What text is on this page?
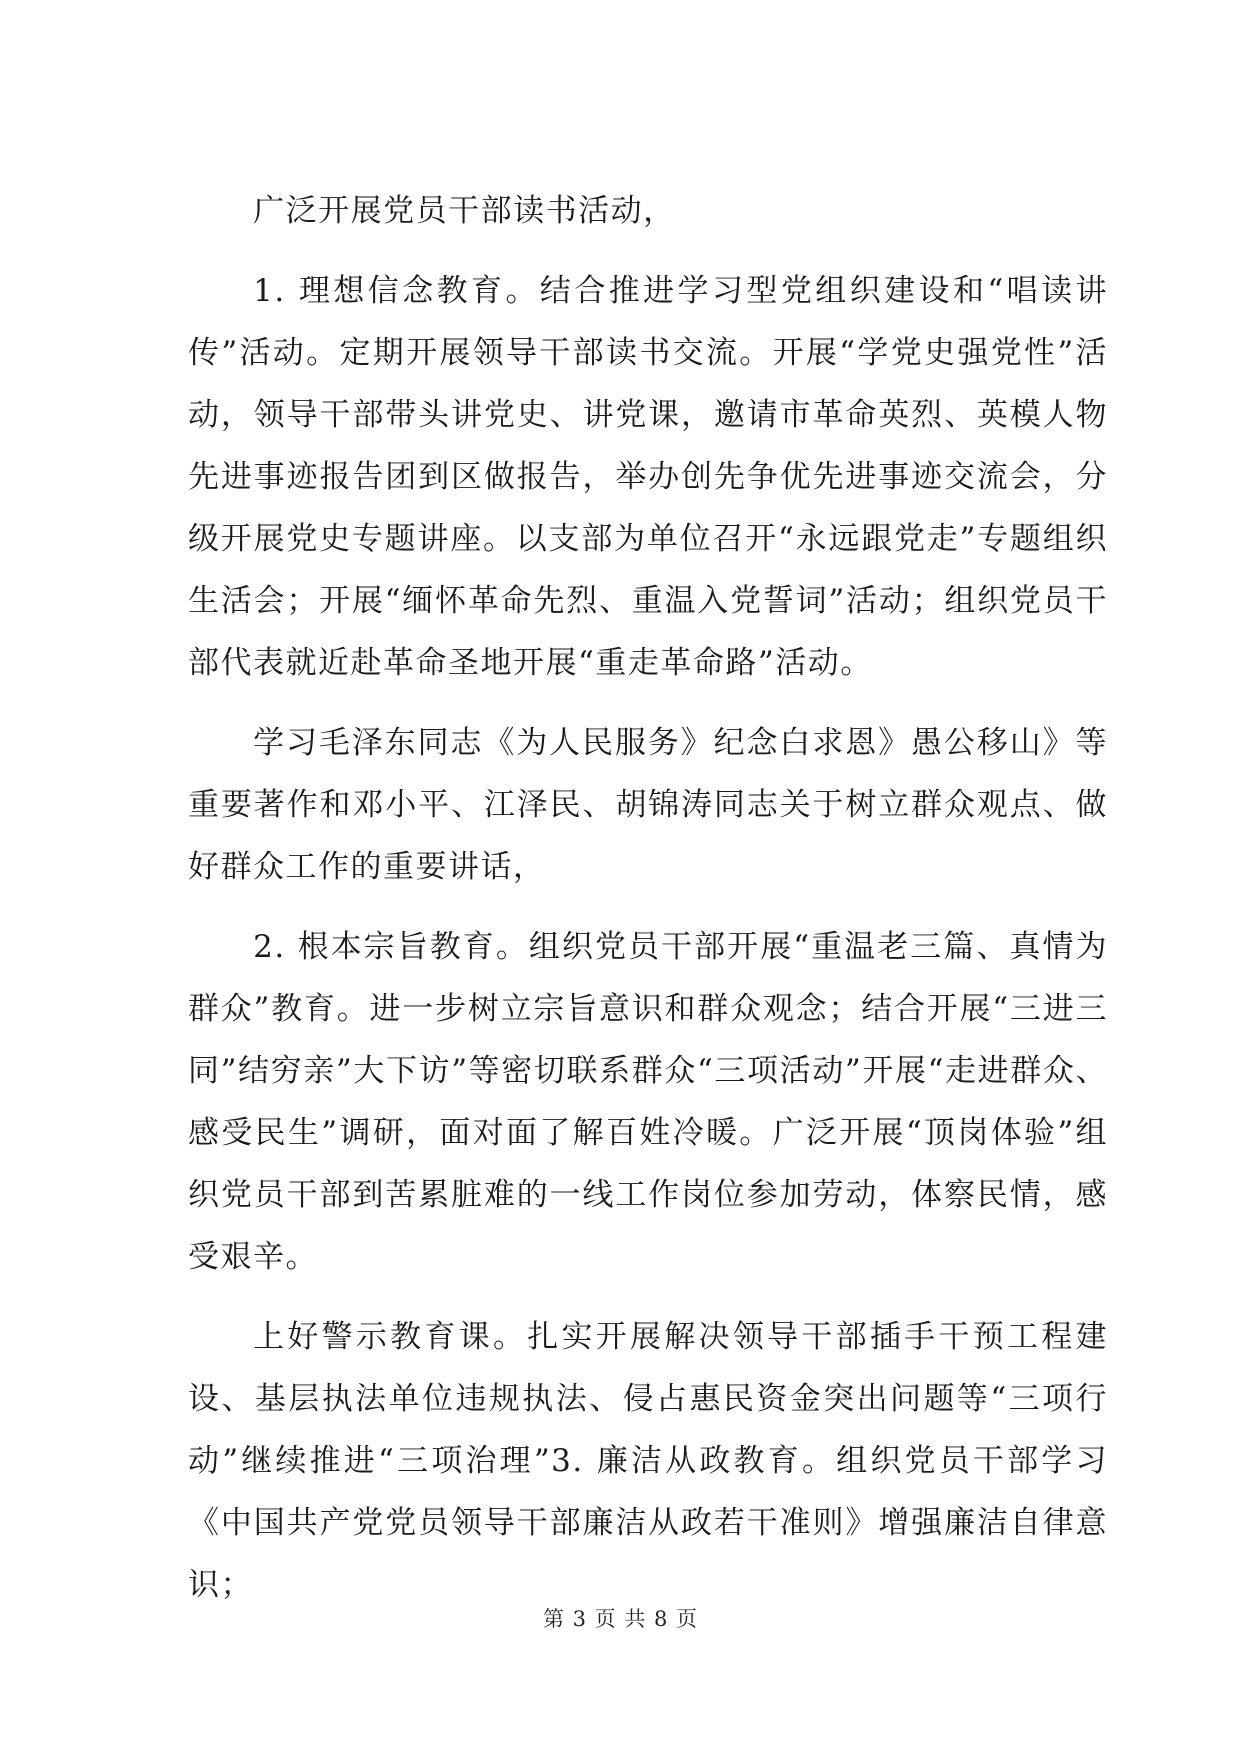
广泛开展党员干部读书活动，

1. 理想信念教育。结合推进学习型党组织建设和“唱读讲传”活动。定期开展领导干部读书交流。开展“学党史强党性”活动，领导干部带头讲党史、讲党课，邀请市革命英烈、英模人物先进事迹报告团到区做报告，举办创先争优先进事迹交流会，分级开展党史专题讲座。以支部为单位召开“永远跟党走”专题组织生活会；开展“缅怀革命先烈、重温入党誓词”活动；组织党员干部代表就近赴革命圣地开展“重走革命路”活动。

学习毛泽东同志《为人民服务》纪念白求恩》愚公移山》等重要著作和邓小平、江泽民、胡锦涛同志关于树立群众观点、做好群众工作的重要讲话，

2. 根本宗旨教育。组织党员干部开展“重温老三篇、真情为群众”教育。进一步树立宗旨意识和群众观念；结合开展“三进三同”结穷亲”大下访”等密切联系群众“三项活动”开展“走进群众、感受民生”调研，面对面了解百姓冷暖。广泛开展“顶岗体验”组织党员干部到苦累脏难的一线工作岗位参加劳动，体察民情，感受艰辛。

上好警示教育课。扎实开展解决领导干部插手干预工程建设、基层执法单位违规执法、侵占惠民资金突出问题等“三项行动”继续推进“三项治理”3. 廉洁从政教育。组织党员干部学习《中国共产党党员领导干部廉洁从政若干准则》增强廉洁自律意识；

第 3 页 共 8 页
